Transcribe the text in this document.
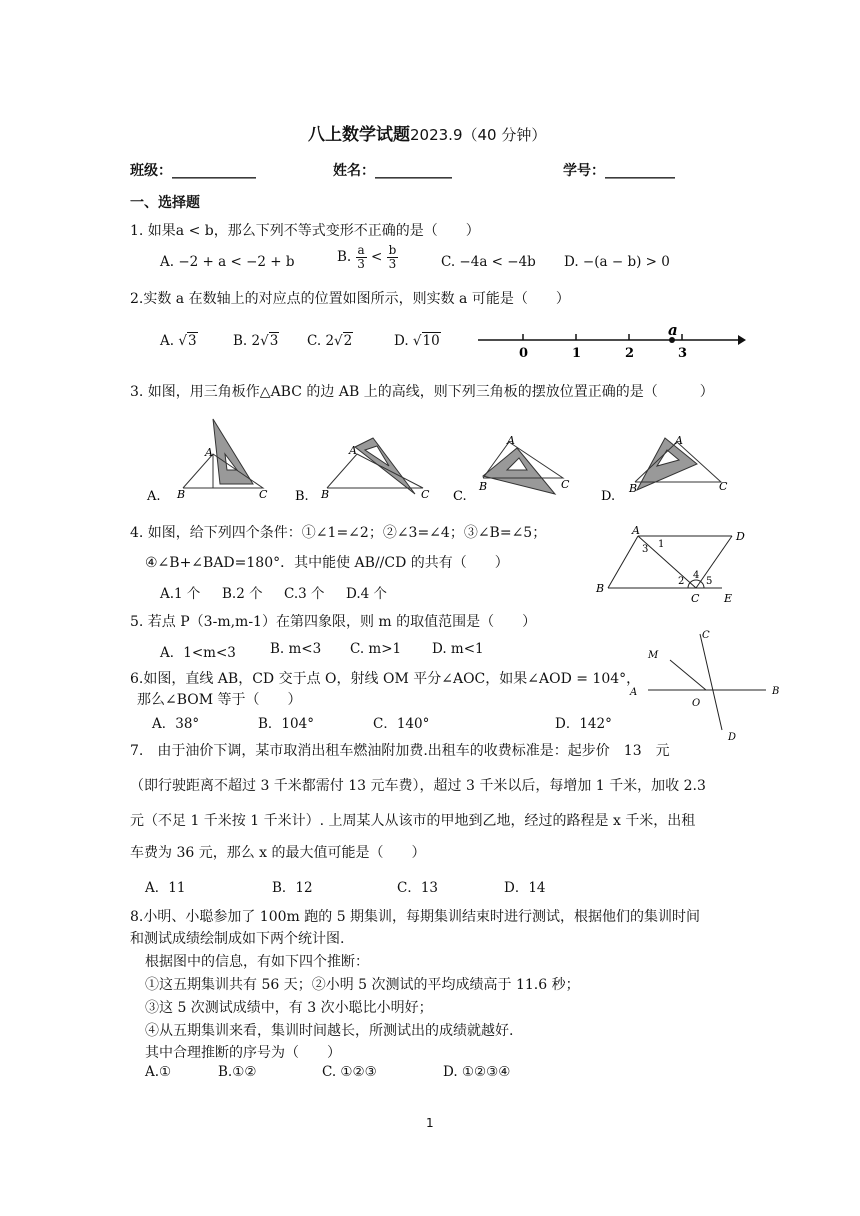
八上数学试题2023.9（40 分钟）
班级：____________	姓名：___________	学号：__________
一、选择题
1. 如果a < b，那么下列不等式变形不正确的是（　　）
A. −2 + a < −2 + b	B. $\frac{a}{3} < \frac{b}{3}$	C. −4a < −4b D. −(a − b) > 0
2.实数 a 在数轴上的对应点的位置如图所示，则实数 a 可能是（　　）
A. √3	B. 2√3 C. 2√2	D. √10
0	1	2	3
a
3. 如图，用三角板作△ABC 的边 AB 上的高线，则下列三角板的摆放位置正确的是（　　　）
A.
A
B	C B.
A
B	C C.
A
B	C
D.
A
B	C
4. 如图，给下列四个条件：①∠1=∠2；②∠3=∠4；③∠B=∠5；
④∠B+∠BAD=180°．其中能使 AB//CD 的共有（　　）
A.1 个 B.2 个 C.3 个 D.4 个
A	D
B
C E
1
3
2
4
5
5. 若点 P（3-m,m-1）在第四象限，则 m 的取值范围是（　　）
A．1<m<3	B. m<3 C. m>1 D. m<1
6.如图，直线 AB，CD 交于点 O，射线 OM 平分∠AOC，如果∠AOD = 104°，
那么∠BOM 等于（　　）
A．38°	B．104°	C．140°	D．142°
A	B
C
D
M
O
7.　由于油价下调，某市取消出租车燃油附加费.出租车的收费标准是：起步价　13　元
（即行驶距离不超过 3 千米都需付 13 元车费），超过 3 千米以后，每增加 1 千米，加收 2.3
元（不足 1 千米按 1 千米计）. 上周某人从该市的甲地到乙地，经过的路程是 x 千米，出租
车费为 36 元，那么 x 的最大值可能是（　　）
A．11	B．12	C．13	D．14
8.小明、小聪参加了 100m 跑的 5 期集训，每期集训结束时进行测试，根据他们的集训时间
和测试成绩绘制成如下两个统计图.
根据图中的信息，有如下四个推断：
①这五期集训共有 56 天；②小明 5 次测试的平均成绩高于 11.6 秒；
③这 5 次测试成绩中，有 3 次小聪比小明好；
④从五期集训来看，集训时间越长，所测试出的成绩就越好.
其中合理推断的序号为（　　）
A.①	B.①②	C. ①②③	D. ①②③④
1
